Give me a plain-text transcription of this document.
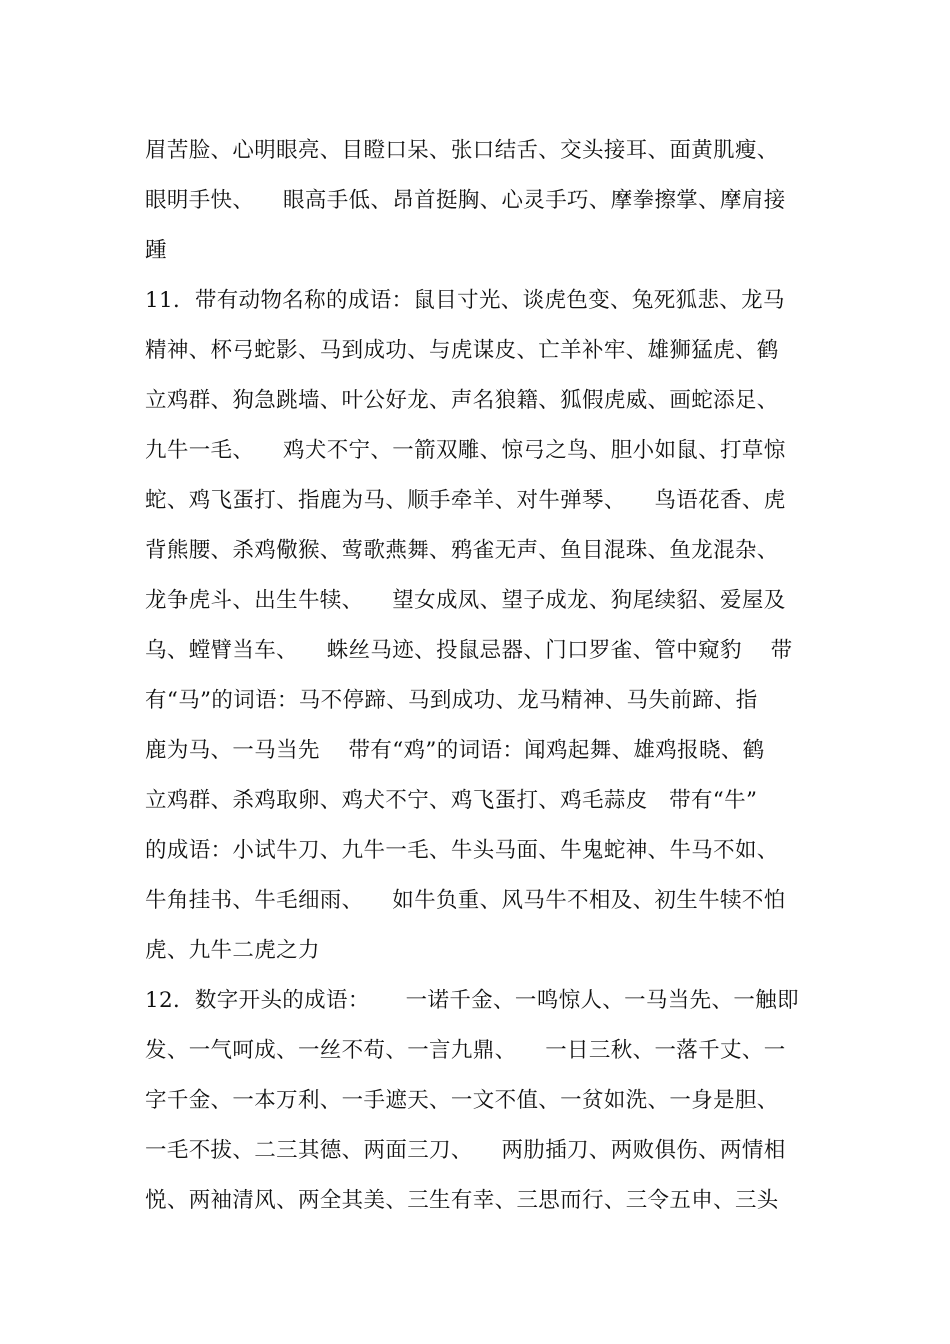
眉苦脸、心明眼亮、目瞪口呆、张口结舌、交头接耳、面黄肌瘦、
眼明手快、    眼高手低、昂首挺胸、心灵手巧、摩拳擦掌、摩肩接
踵
11．带有动物名称的成语：鼠目寸光、谈虎色变、兔死狐悲、龙马
精神、杯弓蛇影、马到成功、与虎谋皮、亡羊补牢、雄狮猛虎、鹤
立鸡群、狗急跳墙、叶公好龙、声名狼籍、狐假虎威、画蛇添足、
九牛一毛、    鸡犬不宁、一箭双雕、惊弓之鸟、胆小如鼠、打草惊
蛇、鸡飞蛋打、指鹿为马、顺手牵羊、对牛弹琴、    鸟语花香、虎
背熊腰、杀鸡儆猴、莺歌燕舞、鸦雀无声、鱼目混珠、鱼龙混杂、
龙争虎斗、出生牛犊、    望女成凤、望子成龙、狗尾续貂、爱屋及
乌、螳臂当车、    蛛丝马迹、投鼠忌器、门口罗雀、管中窥豹    带
有“马”的词语：马不停蹄、马到成功、龙马精神、马失前蹄、指
鹿为马、一马当先    带有“鸡”的词语：闻鸡起舞、雄鸡报晓、鹤
立鸡群、杀鸡取卵、鸡犬不宁、鸡飞蛋打、鸡毛蒜皮   带有“牛”
的成语：小试牛刀、九牛一毛、牛头马面、牛鬼蛇神、牛马不如、
牛角挂书、牛毛细雨、    如牛负重、风马牛不相及、初生牛犊不怕
虎、九牛二虎之力
12．数字开头的成语：     一诺千金、一鸣惊人、一马当先、一触即
发、一气呵成、一丝不苟、一言九鼎、    一日三秋、一落千丈、一
字千金、一本万利、一手遮天、一文不值、一贫如洗、一身是胆、
一毛不拔、二三其德、两面三刀、    两肋插刀、两败俱伤、两情相
悦、两袖清风、两全其美、三生有幸、三思而行、三令五申、三头
